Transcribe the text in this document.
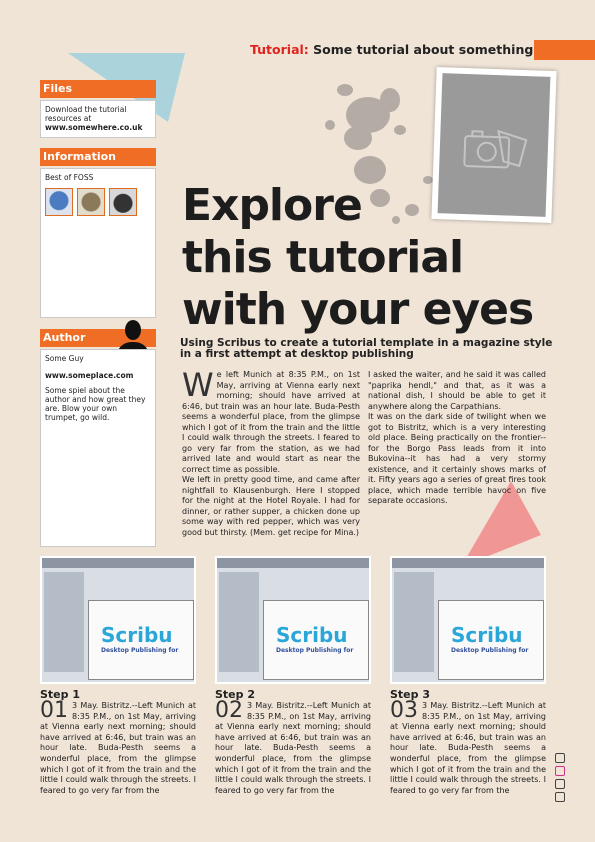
Tutorial: Some tutorial about something
Files
Download the tutorial resources at
www.somewhere.co.uk
Information
Best of FOSS
Author
Some Guy
www.someplace.com
Some spiel about the author and how great they are. Blow your own trumpet, go wild.
Explore
this tutorial
with your eyes
Using Scribus to create a tutorial template in a magazine style in a first attempt at desktop publishing
W e left Munich at 8:35 P.M., on 1st May, arriving at Vienna early next morning; should have arrived at 6:46, but train was an hour late. Buda-Pesth seems a wonderful place, from the glimpse which I got of it from the train and the little I could walk through the streets. I feared to go very far from the station, as we had arrived late and would start as near the correct time as possible.
We left in pretty good time, and came after nightfall to Klausenburgh. Here I stopped for the night at the Hotel Royale. I had for dinner, or rather supper, a chicken done up some way with red pepper, which was very good but thirsty. (Mem. get recipe for Mina.)
I asked the waiter, and he said it was called "paprika hendl," and that, as it was a national dish, I should be able to get it anywhere along the Carpathians.
It was on the dark side of twilight when we got to Bistritz, which is a very interesting old place. Being practically on the frontier--for the Borgo Pass leads from it into Bukovina--it has had a very stormy existence, and it certainly shows marks of it. Fifty years ago a series of great fires took place, which made terrible havoc on five separate occasions.
Scribu
Desktop Publishing for
Scribu
Desktop Publishing for
Scribu
Desktop Publishing for
Step 1
01 3 May. Bistritz.--Left Munich at 8:35 P.M., on 1st May, arriving at Vienna early next morning; should have arrived at 6:46, but train was an hour late. Buda-Pesth seems a wonderful place, from the glimpse which I got of it from the train and the little I could walk through the streets. I feared to go very far from the
Step 2
02 3 May. Bistritz.--Left Munich at 8:35 P.M., on 1st May, arriving at Vienna early next morning; should have arrived at 6:46, but train was an hour late. Buda-Pesth seems a wonderful place, from the glimpse which I got of it from the train and the little I could walk through the streets. I feared to go very far from the
Step 3
03 3 May. Bistritz.--Left Munich at 8:35 P.M., on 1st May, arriving at Vienna early next morning; should have arrived at 6:46, but train was an hour late. Buda-Pesth seems a wonderful place, from the glimpse which I got of it from the train and the little I could walk through the streets. I feared to go very far from the
